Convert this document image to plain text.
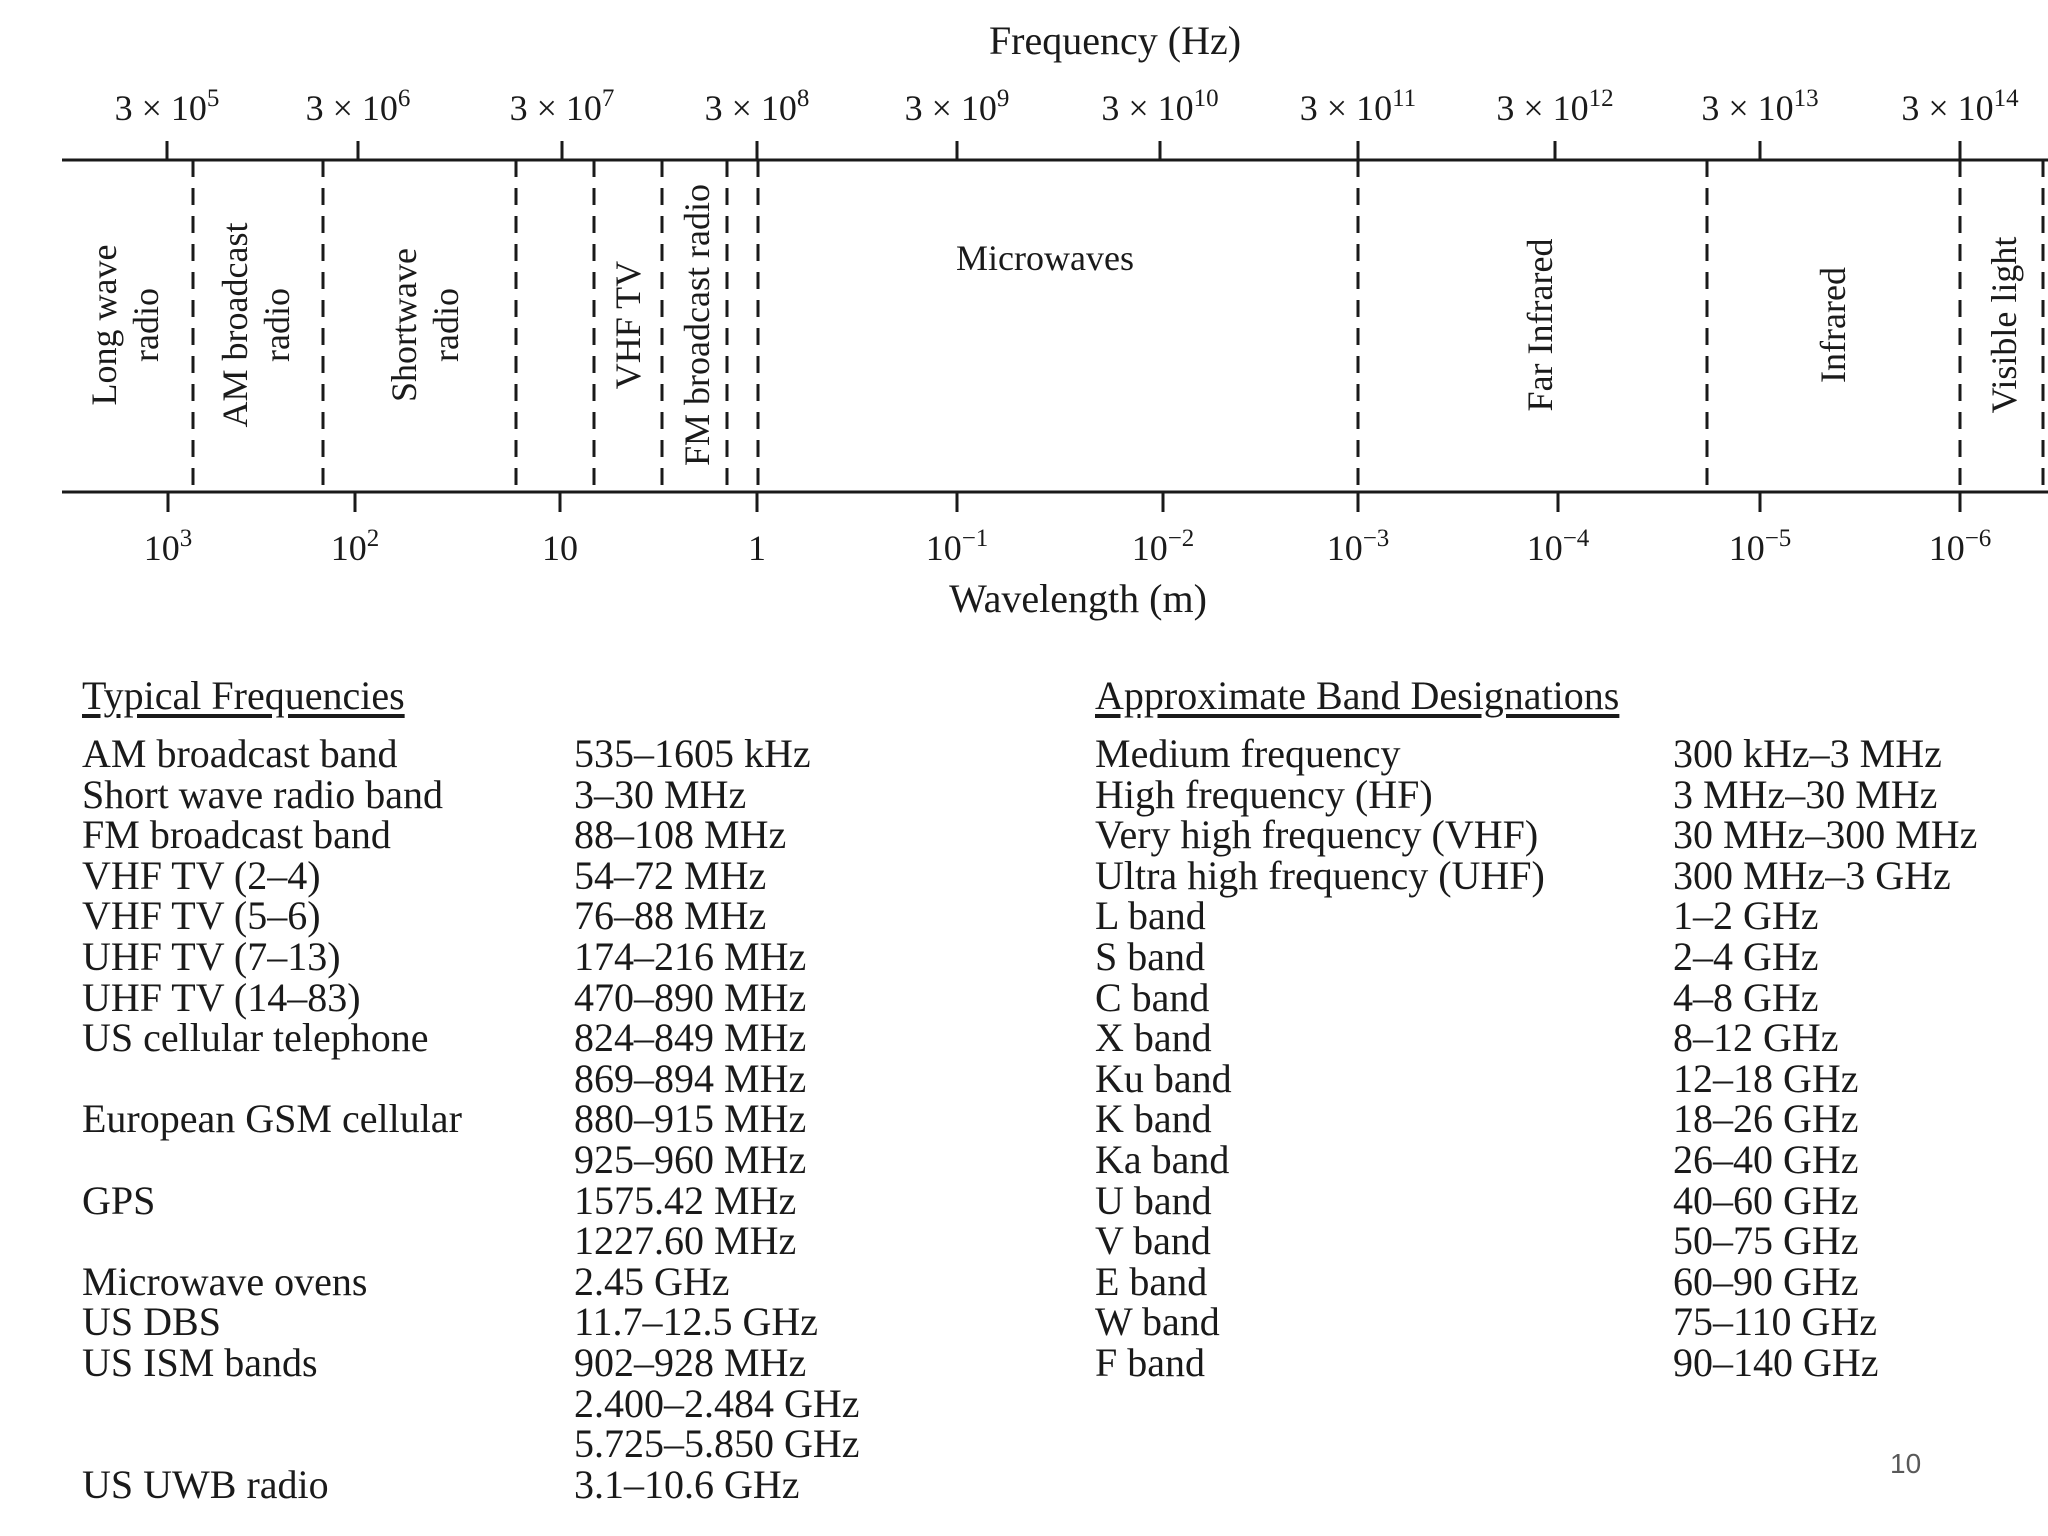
Frequency (Hz)
$3 \times 10^5$ $3 \times 10^6$	$3 \times 10^7$	$3 \times 10^8$	$3 \times 10^9$	$3 \times 10^{10}$ $3 \times 10^{11}$ $3 \times 10^{12}$ $3 \times 10^{13}$ $3 \times 10^{14}$
Long wave radio AM broadcast radio Shortwave radio	VHF TV FM broadcast radio	Microwaves	Far Infrared	Infrared	Visible light
$10^3$	$10^2$	10	1	$10^{-1}$	$10^{-2}$	$10^{-3}$	$10^{-4}$	$10^{-5}$	$10^{-6}$
Wavelength (m)
Typical Frequencies
AM broadcast band	535–1605 kHz
Short wave radio band	3–30 MHz
FM broadcast band	88–108 MHz
VHF TV (2–4)	54–72 MHz
VHF TV (5–6)	76–88 MHz
UHF TV (7–13)	174–216 MHz
UHF TV (14–83)	470–890 MHz
US cellular telephone	824–849 MHz
869–894 MHz
European GSM cellular	880–915 MHz
925–960 MHz
GPS	1575.42 MHz
1227.60 MHz
Microwave ovens	2.45 GHz
US DBS	11.7–12.5 GHz
US ISM bands	902–928 MHz
2.400–2.484 GHz
5.725–5.850 GHz
US UWB radio	3.1–10.6 GHz
Approximate Band Designations
Medium frequency	300 kHz–3 MHz
High frequency (HF)	3 MHz–30 MHz
Very high frequency (VHF)	30 MHz–300 MHz
Ultra high frequency (UHF)	300 MHz–3 GHz
L band	1–2 GHz
S band	2–4 GHz
C band	4–8 GHz
X band	8–12 GHz
Ku band	12–18 GHz
K band	18–26 GHz
Ka band	26–40 GHz
U band	40–60 GHz
V band	50–75 GHz
E band	60–90 GHz
W band	75–110 GHz
F band	90–140 GHz
10
